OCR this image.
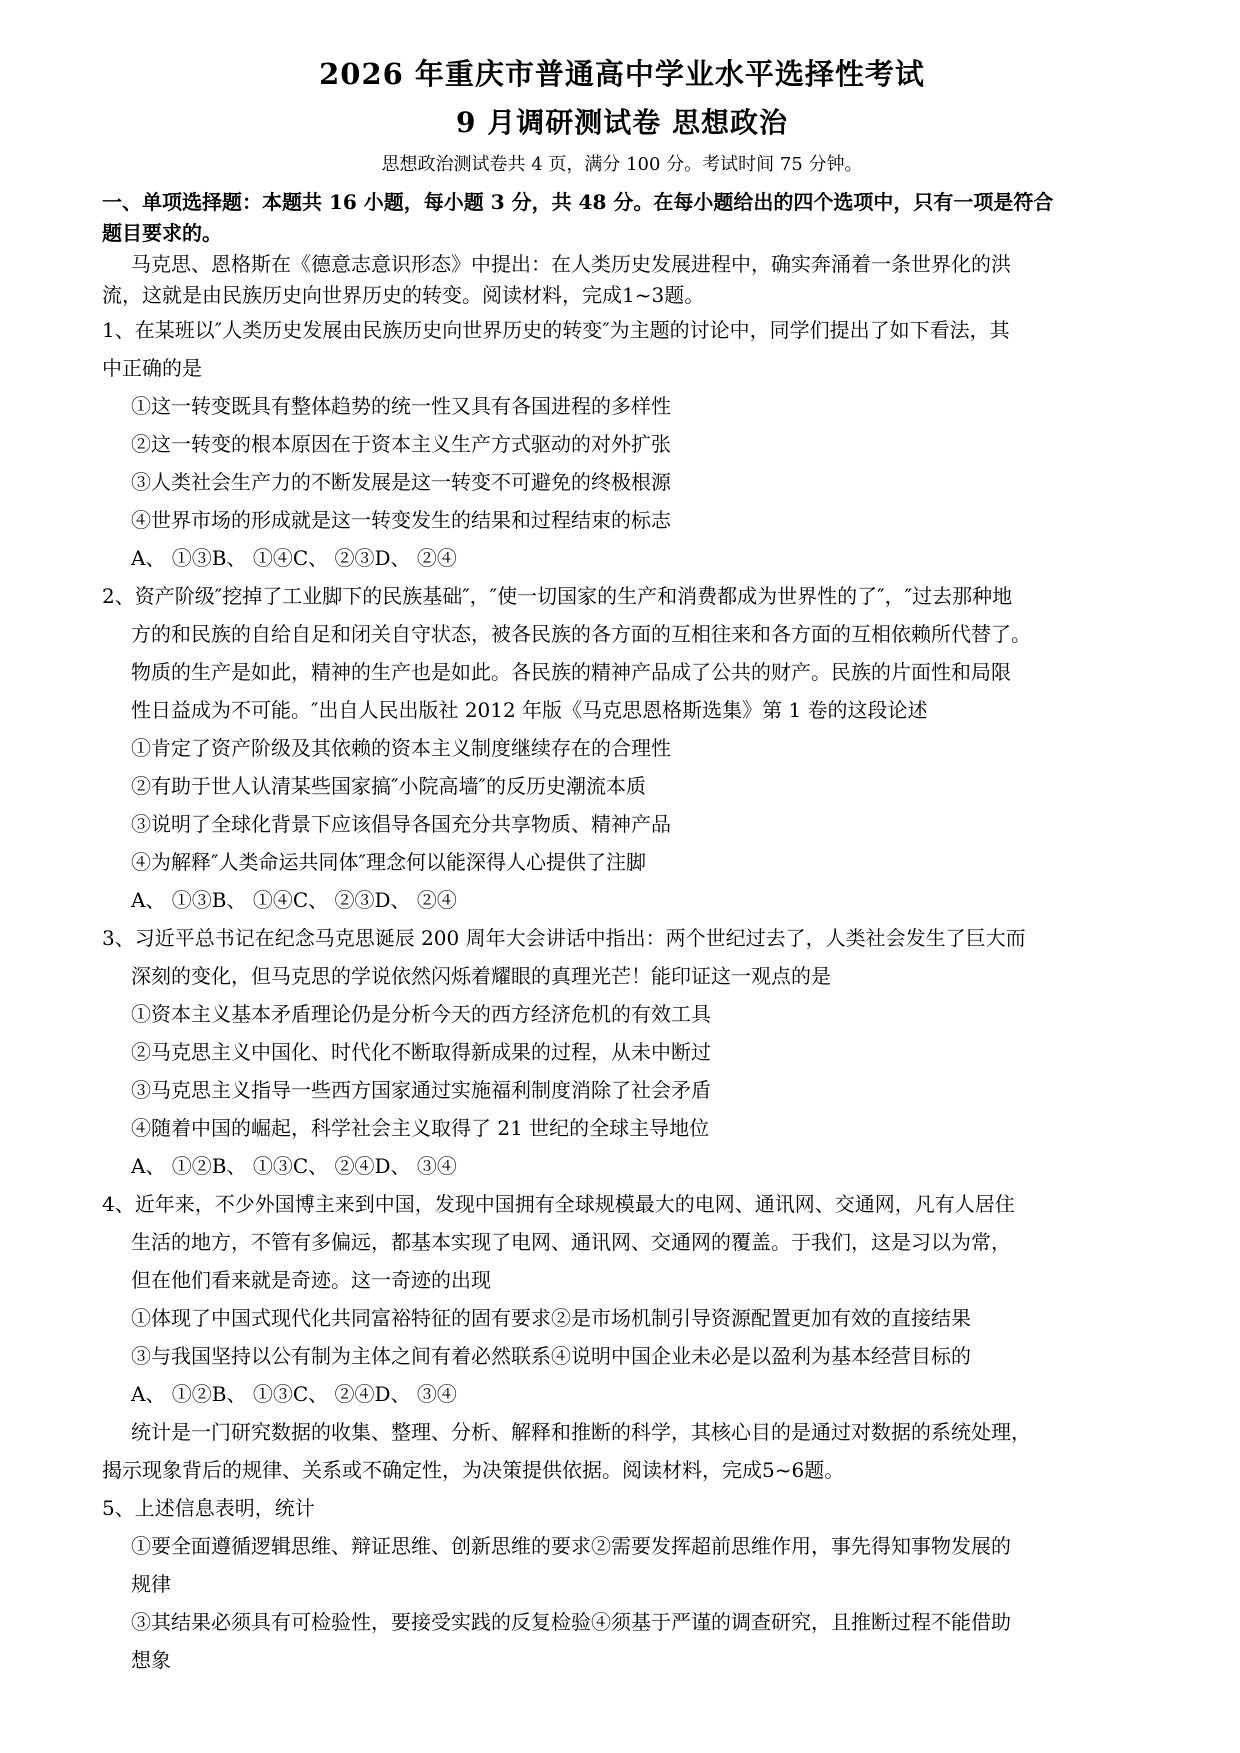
2026 年重庆市普通高中学业水平选择性考试
9 月调研测试卷 思想政治
思想政治测试卷共 4 页，满分 100 分。考试时间 75 分钟。
一、单项选择题：本题共 16 小题，每小题 3 分，共 48 分。在每小题给出的四个选项中，只有一项是符合
题目要求的。
马克思、恩格斯在《德意志意识形态》中提出：在人类历史发展进程中，确实奔涌着一条世界化的洪
流，这就是由民族历史向世界历史的转变。阅读材料，完成1~3题。
1、在某班以″人类历史发展由民族历史向世界历史的转变″为主题的讨论中，同学们提出了如下看法，其
中正确的是
①这一转变既具有整体趋势的统一性又具有各国进程的多样性
②这一转变的根本原因在于资本主义生产方式驱动的对外扩张
③人类社会生产力的不断发展是这一转变不可避免的终极根源
④世界市场的形成就是这一转变发生的结果和过程结束的标志
A、 ①③B、 ①④C、 ②③D、 ②④
2、资产阶级″挖掉了工业脚下的民族基础″，″使一切国家的生产和消费都成为世界性的了″，″过去那种地
方的和民族的自给自足和闭关自守状态，被各民族的各方面的互相往来和各方面的互相依赖所代替了。
物质的生产是如此，精神的生产也是如此。各民族的精神产品成了公共的财产。民族的片面性和局限
性日益成为不可能。″出自人民出版社 2012 年版《马克思恩格斯选集》第 1 卷的这段论述
①肯定了资产阶级及其依赖的资本主义制度继续存在的合理性
②有助于世人认清某些国家搞″小院高墙″的反历史潮流本质
③说明了全球化背景下应该倡导各国充分共享物质、精神产品
④为解释″人类命运共同体″理念何以能深得人心提供了注脚
A、 ①③B、 ①④C、 ②③D、 ②④
3、习近平总书记在纪念马克思诞辰 200 周年大会讲话中指出：两个世纪过去了，人类社会发生了巨大而
深刻的变化，但马克思的学说依然闪烁着耀眼的真理光芒！能印证这一观点的是
①资本主义基本矛盾理论仍是分析今天的西方经济危机的有效工具
②马克思主义中国化、时代化不断取得新成果的过程，从未中断过
③马克思主义指导一些西方国家通过实施福利制度消除了社会矛盾
④随着中国的崛起，科学社会主义取得了 21 世纪的全球主导地位
A、 ①②B、 ①③C、 ②④D、 ③④
4、近年来，不少外国博主来到中国，发现中国拥有全球规模最大的电网、通讯网、交通网，凡有人居住
生活的地方，不管有多偏远，都基本实现了电网、通讯网、交通网的覆盖。于我们，这是习以为常，
但在他们看来就是奇迹。这一奇迹的出现
①体现了中国式现代化共同富裕特征的固有要求②是市场机制引导资源配置更加有效的直接结果
③与我国坚持以公有制为主体之间有着必然联系④说明中国企业未必是以盈利为基本经营目标的
A、 ①②B、 ①③C、 ②④D、 ③④
统计是一门研究数据的收集、整理、分析、解释和推断的科学，其核心目的是通过对数据的系统处理，
揭示现象背后的规律、关系或不确定性，为决策提供依据。阅读材料，完成5~6题。
5、上述信息表明，统计
①要全面遵循逻辑思维、辩证思维、创新思维的要求②需要发挥超前思维作用，事先得知事物发展的
规律
③其结果必须具有可检验性，要接受实践的反复检验④须基于严谨的调查研究，且推断过程不能借助
想象
